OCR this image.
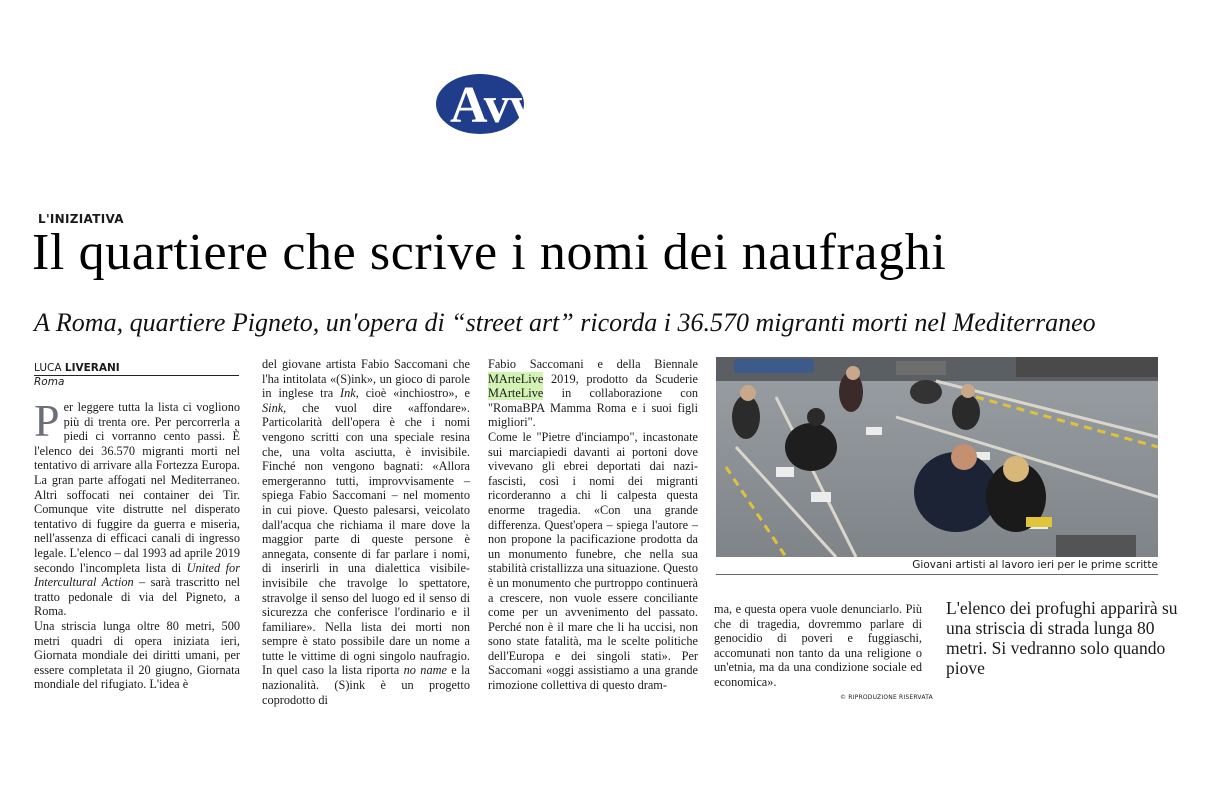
Avvenire
L'INIZIATIVA
Il quartiere che scrive i nomi dei naufraghi
A Roma, quartiere Pigneto, un'opera di “street art” ricorda i 36.570 migranti morti nel Mediterraneo
LUCA LIVERANI
Roma

Per leggere tutta la lista ci vogliono più di trenta ore. Per percorrerla a piedi ci vorranno cento passi. È l'elenco dei 36.570 migranti morti nel tentativo di arrivare alla Fortezza Europa. La gran parte affogati nel Mediterraneo. Altri soffocati nei container dei Tir. Comunque vite distrutte nel disperato tentativo di fuggire da guerra e miseria, nell'assenza di efficaci canali di ingresso legale. L'elenco – dal 1993 ad aprile 2019 secondo l'incompleta lista di United for Intercultural Action – sarà trascritto nel tratto pedonale di via del Pigneto, a Roma.

Una striscia lunga oltre 80 metri, 500 metri quadri di opera iniziata ieri, Giornata mondiale dei diritti umani, per essere completata il 20 giugno, Giornata mondiale del rifugiato. L'idea è

del giovane artista Fabio Saccomani che l'ha intitolata «(S)ink», un gioco di parole in inglese tra Ink, cioè «inchiostro», e Sink, che vuol dire «affondare». Particolarità dell'opera è che i nomi vengono scritti con una speciale resina che, una volta asciutta, è invisibile. Finché non vengono bagnati: «Allora emergeranno tutti, improvvisamente – spiega Fabio Saccomani – nel momento in cui piove. Questo palesarsi, veicolato dall'acqua che richiama il mare dove la maggior parte di queste persone è annegata, consente di far parlare i nomi, di inserirli in una dialettica visibile-invisibile che travolge lo spettatore, stravolge il senso del luogo ed il senso di sicurezza che conferisce l'ordinario e il familiare». Nella lista dei morti non sempre è stato possibile dare un nome a tutte le vittime di ogni singolo naufragio. In quel caso la lista riporta no name e la nazionalità. (S)ink è un progetto coprodotto di

Fabio Saccomani e della Biennale MArteLive 2019, prodotto da Scuderie MArteLive in collaborazione con "RomaBPA Mamma Roma e i suoi figli migliori".

Come le "Pietre d'inciampo", incastonate sui marciapiedi davanti ai portoni dove vivevano gli ebrei deportati dai nazi-fascisti, così i nomi dei migranti ricorderanno a chi li calpesta questa enorme tragedia. «Con una grande differenza. Quest'opera – spiega l'autore – non propone la pacificazione prodotta da un monumento funebre, che nella sua stabilità cristallizza una situazione. Questo è un monumento che purtroppo continuerà a crescere, non vuole essere conciliante come per un avvenimento del passato. Perché non è il mare che li ha uccisi, non sono state fatalità, ma le scelte politiche dell'Europa e dei singoli stati». Per Saccomani «oggi assistiamo a una grande rimozione collettiva di questo dram-

Giovani artisti al lavoro ieri per le prime scritte

ma, e questa opera vuole denunciarlo. Più che di tragedia, dovremmo parlare di genocidio di poveri e fuggiaschi, accomunati non tanto da una religione o un'etnia, ma da una condizione sociale ed economica».

L'elenco dei profughi apparirà su una striscia di strada lunga 80 metri. Si vedranno solo quando piove
© RIPRODUZIONE RISERVATA
